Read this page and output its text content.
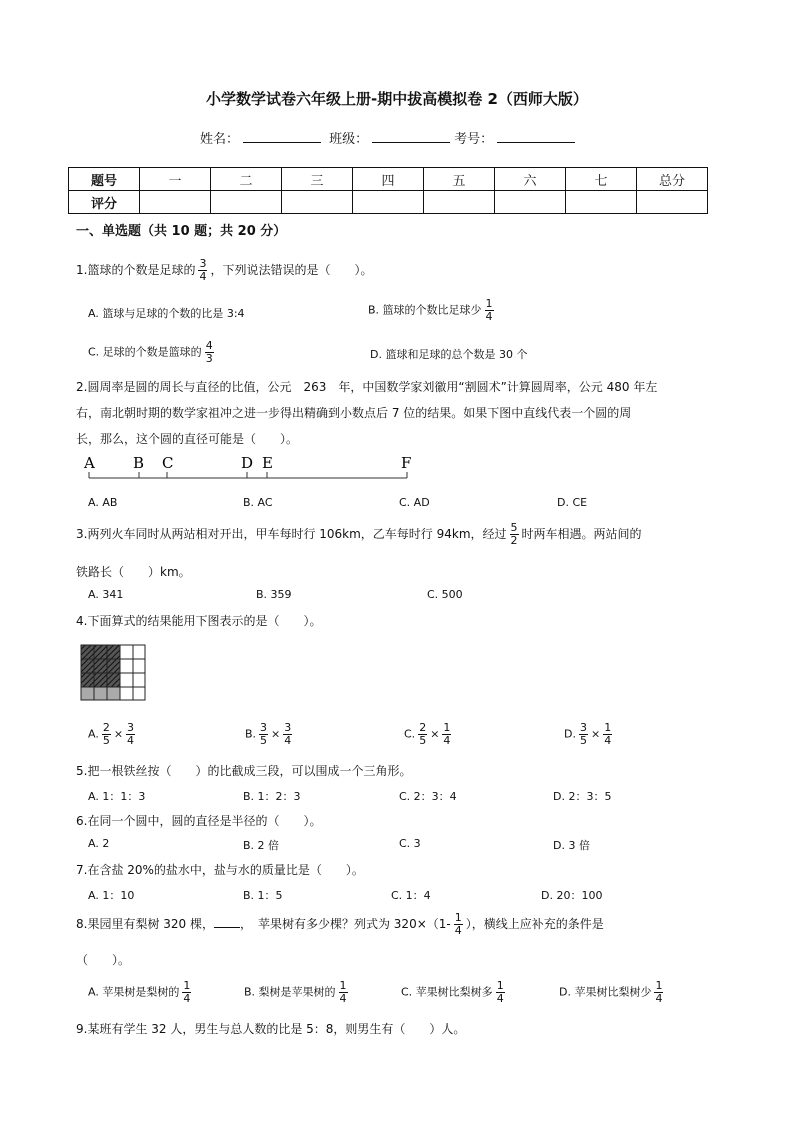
小学数学试卷六年级上册-期中拔高模拟卷 2（西师大版）
姓名：	班级：	考号：
题号	一	二	三	四	五	六	七	总分
评分								
一、单选题（共 10 题；共 20 分）
1.篮球的个数是足球的 $\frac{3}{4}$ ，下列说法错误的是（　　）。
A. 篮球与足球的个数的比是 3:4	B. 篮球的个数比足球少 $\frac{1}{4}$
C. 足球的个数是篮球的 $\frac{4}{3}$	D. 篮球和足球的总个数是 30 个
2.圆周率是圆的周长与直径的比值，公元　263　年，中国数学家刘徽用“割圆术”计算圆周率，公元 480 年左
右，南北朝时期的数学家祖冲之进一步得出精确到小数点后 7 位的结果。如果下图中直线代表一个圆的周
长，那么，这个圆的直径可能是（　　）。
A	B C	D E	F
A. AB	B. AC	C. AD	D. CE
3.两列火车同时从两站相对开出，甲车每时行 106km，乙车每时行 94km，经过 $\frac{5}{2}$ 时两车相遇。两站间的
铁路长（　　）km。
A. 341	B. 359	C. 500
4.下面算式的结果能用下图表示的是（　　）。
A. $\frac{2}{5} \times \frac{3}{4}$	B. $\frac{3}{5} \times \frac{3}{4}$	C. $\frac{2}{5} \times \frac{1}{4}$	D. $\frac{3}{5} \times \frac{1}{4}$
5.把一根铁丝按（　　）的比截成三段，可以围成一个三角形。
A. 1：1：3	B. 1：2：3	C. 2：3：4	D. 2：3：5
6.在同一个圆中，圆的直径是半径的（　　）。
A. 2	B. 2 倍	C. 3	D. 3 倍
7.在含盐 20%的盐水中，盐与水的质量比是（　　）。
A. 1：10	B. 1：5	C. 1：4	D. 20：100
8.果园里有梨树 320 棵， ，　苹果树有多少棵？列式为 $320\times(1- \frac{1}{4}$ ），横线上应补充的条件是
（　　）。
A. 苹果树是梨树的 $\frac{1}{4}$	B. 梨树是苹果树的 $\frac{1}{4}$	C. 苹果树比梨树多 $\frac{1}{4}$	D. 苹果树比梨树少 $\frac{1}{4}$
9.某班有学生 32 人，男生与总人数的比是 5：8，则男生有（　　）人。
